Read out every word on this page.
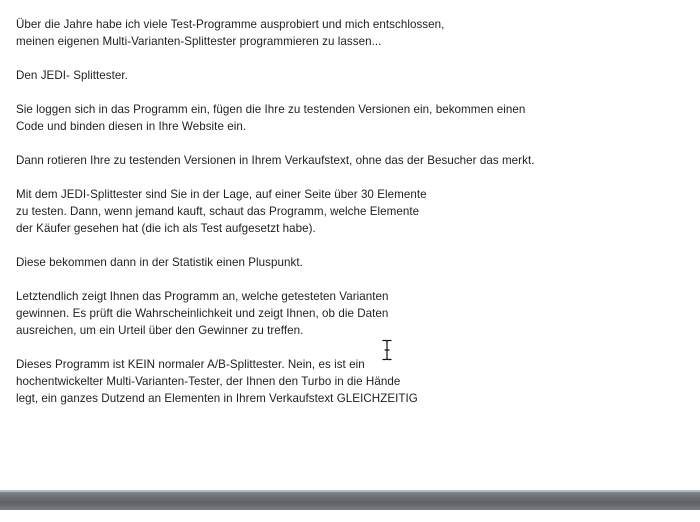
Über die Jahre habe ich viele Test-Programme ausprobiert und mich entschlossen,
meinen eigenen Multi-Varianten-Splittester programmieren zu lassen...

Den JEDI- Splittester.

Sie loggen sich in das Programm ein, fügen die Ihre zu testenden Versionen ein, bekommen einen
Code und binden diesen in Ihre Website ein.

Dann rotieren Ihre zu testenden Versionen in Ihrem Verkaufstext, ohne das der Besucher das merkt.

Mit dem JEDI-Splittester sind Sie in der Lage, auf einer Seite über 30 Elemente
zu testen. Dann, wenn jemand kauft, schaut das Programm, welche Elemente
der Käufer gesehen hat (die ich als Test aufgesetzt habe).

Diese bekommen dann in der Statistik einen Pluspunkt.

Letztendlich zeigt Ihnen das Programm an, welche getesteten Varianten
gewinnen. Es prüft die Wahrscheinlichkeit und zeigt Ihnen, ob die Daten
ausreichen, um ein Urteil über den Gewinner zu treffen.

Dieses Programm ist KEIN normaler A/B-Splittester. Nein, es ist ein
hochentwickelter Multi-Varianten-Tester, der Ihnen den Turbo in die Hände
legt, ein ganzes Dutzend an Elementen in Ihrem Verkaufstext GLEICHZEITIG
